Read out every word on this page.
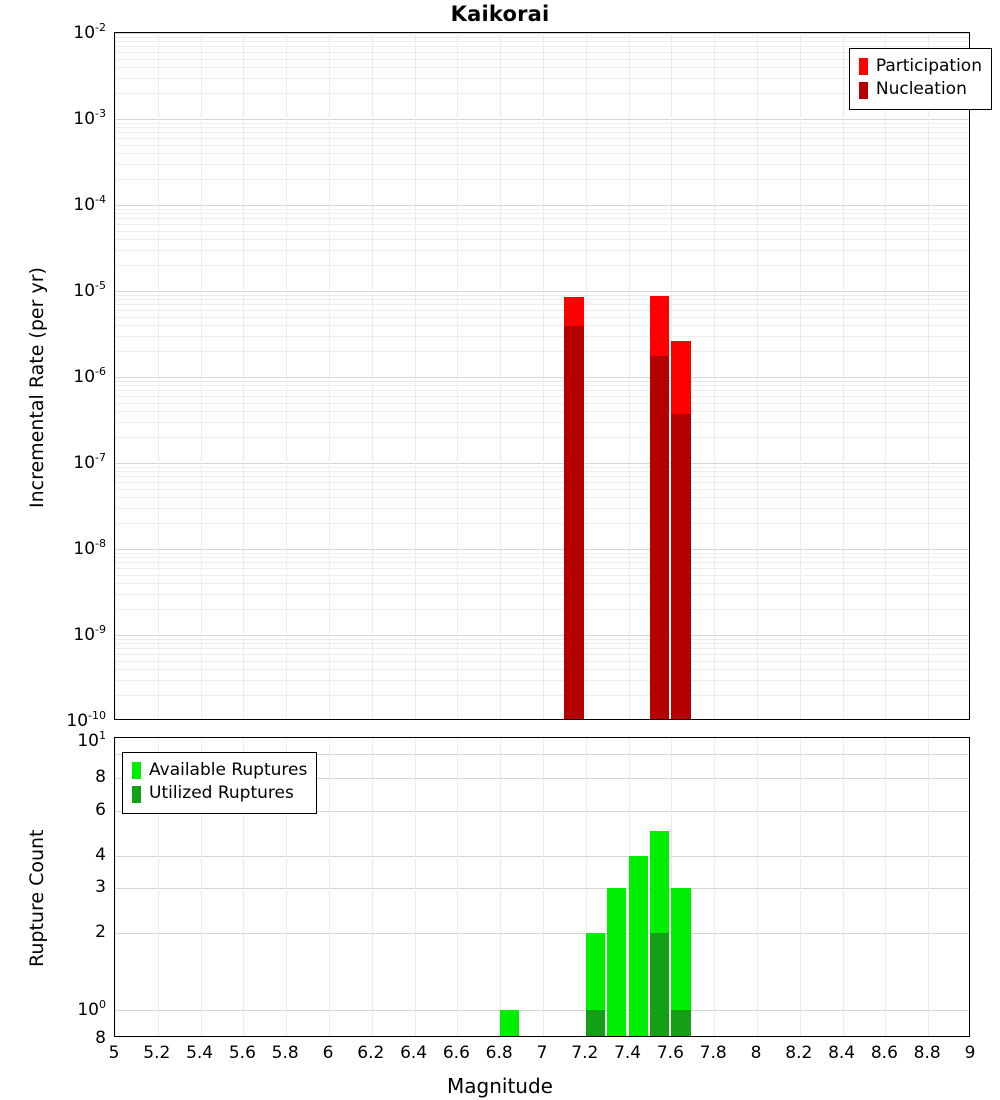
Kaikorai
$10^{-10}$
$10^{-9}$
$10^{-8}$
$10^{-7}$
$10^{-6}$
$10^{-5}$
$10^{-4}$
$10^{-3}$
$10^{-2}$
Incremental Rate (per yr)
Participation
Nucleation
8
$10^0$
2
3
4
6
8
$10^1$
Rupture Count
Available Ruptures
Utilized Ruptures
5 5.2 5.4 5.6 5.8 6 6.2 6.4 6.6 6.8 7 7.2 7.4 7.6 7.8 8 8.2 8.4 8.6 8.8 9
Magnitude
